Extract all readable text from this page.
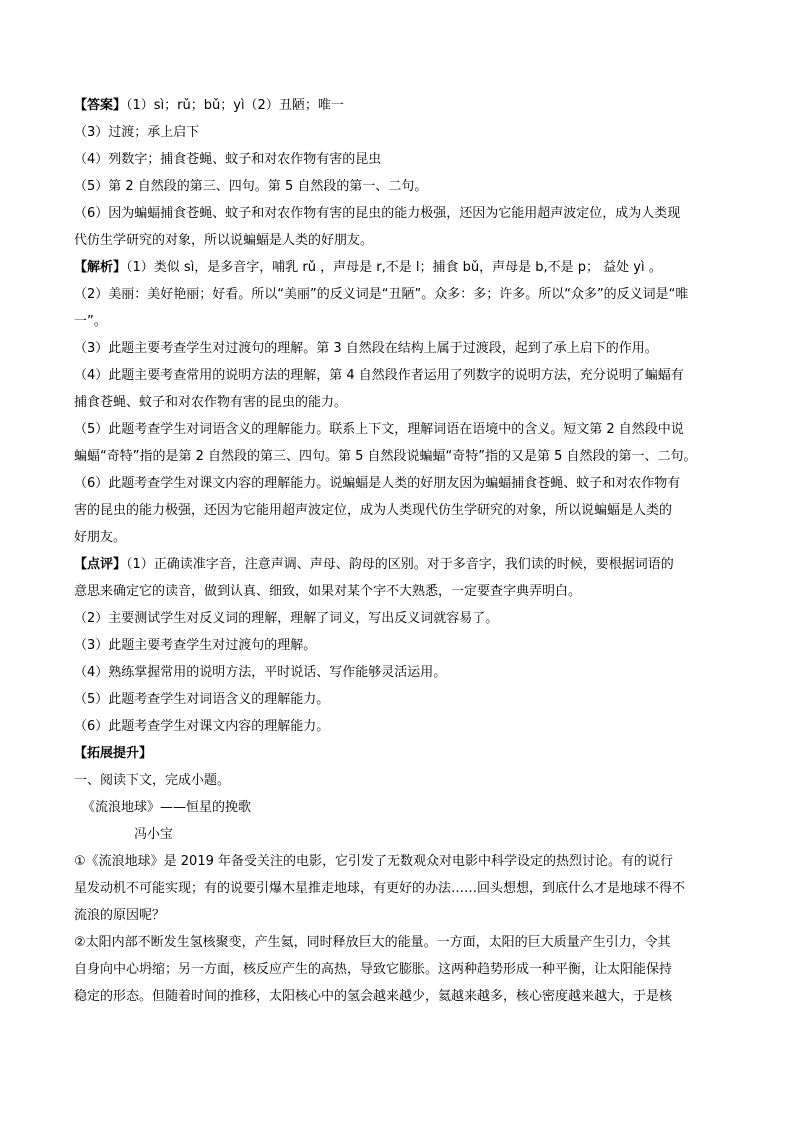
【答案】（1）sì；rǔ；bǔ；yì（2）丑陋；唯一
（3）过渡；承上启下
（4）列数字；捕食苍蝇、蚊子和对农作物有害的昆虫
（5）第 2 自然段的第三、四句。第 5 自然段的第一、二句。
（6）因为蝙蝠捕食苍蝇、蚊子和对农作物有害的昆虫的能力极强，还因为它能用超声波定位，成为人类现
代仿生学研究的对象，所以说蝙蝠是人类的好朋友。
【解析】（1）类似 sì，是多音字，哺乳 rǔ ，声母是 r,不是 l；捕食 bǔ，声母是 b,不是 p； 益处 yì 。
（2）美丽：美好艳丽；好看。所以“美丽”的反义词是“丑陋”。众多：多；许多。所以“众多”的反义词是“唯
一”。
（3）此题主要考查学生对过渡句的理解。第 3 自然段在结构上属于过渡段，起到了承上启下的作用。
（4）此题主要考查常用的说明方法的理解，第 4 自然段作者运用了列数字的说明方法，充分说明了蝙蝠有
捕食苍蝇、蚊子和对农作物有害的昆虫的能力。
（5）此题考查学生对词语含义的理解能力。联系上下文，理解词语在语境中的含义。短文第 2 自然段中说
蝙蝠“奇特”指的是第 2 自然段的第三、四句。第 5 自然段说蝙蝠“奇特”指的又是第 5 自然段的第一、二句。
（6）此题考查学生对课文内容的理解能力。说蝙蝠是人类的好朋友因为蝙蝠捕食苍蝇、蚊子和对农作物有
害的昆虫的能力极强，还因为它能用超声波定位，成为人类现代仿生学研究的对象，所以说蝙蝠是人类的
好朋友。
【点评】（1）正确读准字音，注意声调、声母、韵母的区别。对于多音字，我们读的时候，要根据词语的
意思来确定它的读音，做到认真、细致，如果对某个字不大熟悉，一定要查字典弄明白。
（2）主要测试学生对反义词的理解，理解了词义，写出反义词就容易了。
（3）此题主要考查学生对过渡句的理解。
（4）熟练掌握常用的说明方法，平时说话、写作能够灵活运用。
（5）此题考查学生对词语含义的理解能力。
（6）此题考查学生对课文内容的理解能力。
【拓展提升】
一、阅读下文，完成小题。
《流浪地球》——恒星的挽歌
冯小宝
①《流浪地球》是 2019 年备受关注的电影，它引发了无数观众对电影中科学设定的热烈讨论。有的说行
星发动机不可能实现；有的说要引爆木星推走地球，有更好的办法……回头想想，到底什么才是地球不得不
流浪的原因呢？
②太阳内部不断发生氢核聚变，产生氦，同时释放巨大的能量。一方面，太阳的巨大质量产生引力，令其
自身向中心坍缩；另一方面，核反应产生的高热，导致它膨胀。这两种趋势形成一种平衡，让太阳能保持
稳定的形态。但随着时间的推移，太阳核心中的氢会越来越少，氦越来越多，核心密度越来越大，于是核
